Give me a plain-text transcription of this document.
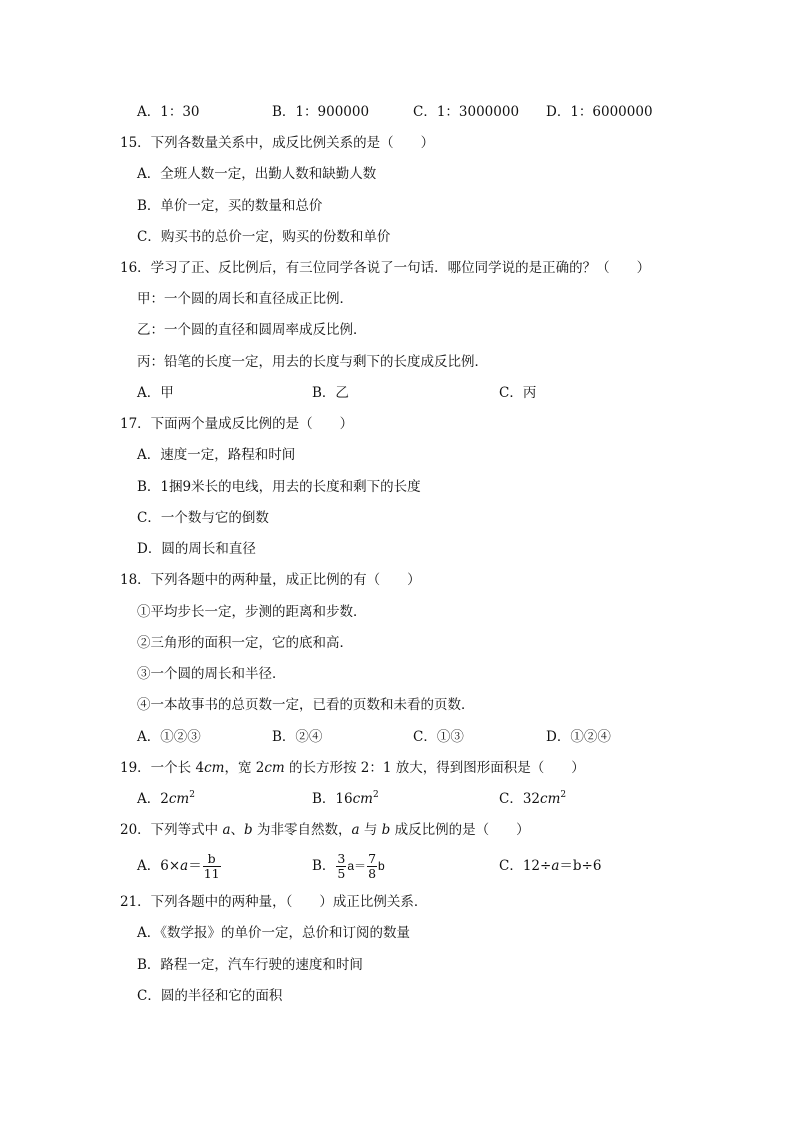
A．1：30	B．1：900000	C．1：3000000 D．1：6000000
15．下列各数量关系中，成反比例关系的是（　　）
A．全班人数一定，出勤人数和缺勤人数
B．单价一定，买的数量和总价
C．购买书的总价一定，购买的份数和单价
16．学习了正、反比例后，有三位同学各说了一句话．哪位同学说的是正确的？（　　）
甲：一个圆的周长和直径成正比例．
乙：一个圆的直径和圆周率成反比例．
丙：铅笔的长度一定，用去的长度与剩下的长度成反比例．
A．甲	B．乙	C．丙
17．下面两个量成反比例的是（　　）
A．速度一定，路程和时间
B．1捆9米长的电线，用去的长度和剩下的长度
C．一个数与它的倒数
D．圆的周长和直径
18．下列各题中的两种量，成正比例的有（　　）
①平均步长一定，步测的距离和步数．
②三角形的面积一定，它的底和高．
③一个圆的周长和半径．
④一本故事书的总页数一定，已看的页数和未看的页数．
A．①②③	B．②④	C．①③	D．①②④
19．一个长 4cm，宽 2cm 的长方形按 2：1 放大，得到图形面积是（　　）
A．$2cm^2$	B．$16cm^2$	C．$32cm^2$
20．下列等式中 a、b 为非零自然数，a 与 b 成反比例的是（　　）
A．$6\times a= \frac{b}{11}$	B． $\frac{3}{5} a= \frac{7}{8}$ b	C．12÷a＝b÷6
21．下列各题中的两种量，（　　）成正比例关系．
A．《数学报》的单价一定，总价和订阅的数量
B．路程一定，汽车行驶的速度和时间
C．圆的半径和它的面积
